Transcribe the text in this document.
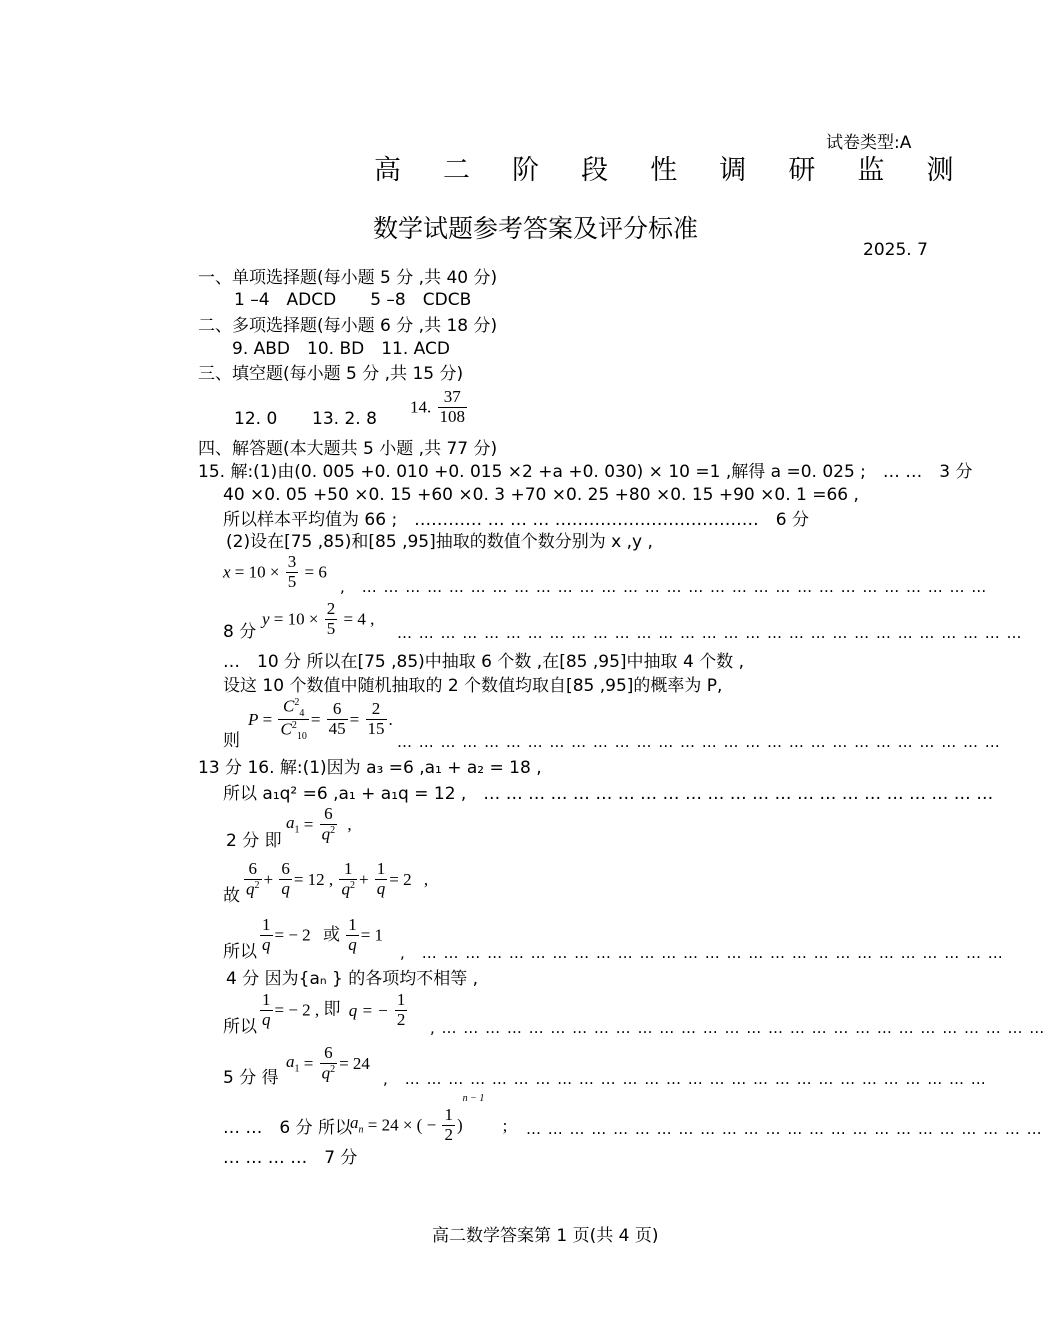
试卷类型:A
高 二 阶 段 性 调 研 监 测
数学试题参考答案及评分标准
2025. 7
一、单项选择题(每小题 5 分 ,共 40 分)
1 –4　ADCD　　5 –8　CDCB
二、多项选择题(每小题 6 分 ,共 18 分)
9. ABD　10. BD　11. ACD
三、填空题(每小题 5 分 ,共 15 分)
12. 0 13. 2. 8
14. $\frac{37}{108}$
四、解答题(本大题共 5 小题 ,共 77 分)
15. 解:(1)由(0. 005 +0. 010 +0. 015 ×2 +a +0. 030) × 10 =1 ,解得 a =0. 025 ;　… …　3 分
40 ×0. 05 +50 ×0. 15 +60 ×0. 3 +70 ×0. 25 +80 ×0. 15 +90 ×0. 1 =66 ,
所以样本平均值为 66 ;　………… … … … ………………………………　6 分
(2)设在[75 ,85)和[85 ,95]抽取的数值个数分别为 x ,y ,
$x = 10 \times \frac{3}{5} = 6$
,　… … … … … … … … … … … … … … … … … … … … … … … … … … … … …
8 分
$y = 10 \times \frac{2}{5} = 4$ ,
… … … … … … … … … … … … … … … … … … … … … … … … … … … … …
…　10 分 所以在[75 ,85)中抽取 6 个数 ,在[85 ,95]中抽取 4 个数 ,
设这 10 个数值中随机抽取的 2 个数值均取自[85 ,95]的概率为 P,
则
$P = \frac{C^2_4}{C^2_{10}} = \frac{6}{45} = \frac{2}{15}$ .
… … … … … … … … … … … … … … … … … … … … … … … … … … … …
13 分 16. 解:(1)因为 a₃ =6 ,a₁ + a₂ = 18 ,
所以 a₁q² =6 ,a₁ + a₁q = 12 ,　… … … … … … … … … … … … … … … … … … … … … … …
2 分 即
$a_1 = \frac{6}{q^2}$ ,
故 $\frac{6}{q^2} + \frac{6}{q} = 12$ , $\frac{1}{q^2} + \frac{1}{q} = 2$ ,
所以 $\frac{1}{q}$ = − 2 或 $\frac{1}{q} = 1$
,　… … … … … … … … … … … … … … … … … … … … … … … … … … …
4 分 因为{aₙ } 的各项均不相等 ,
所以 $\frac{1}{q}$ = − 2 , 即 q = − $\frac{1}{2}$ , … … … … … … … … … … … … … … … … … … … … … … … … … … … …
5 分 得
$a_1 = \frac{6}{q^2} = 24$
,　… … … … … … … … … … … … … … … … … … … … … … … … … … …
… …　6 分 所以
$a_n = 24$ × ( − $\frac{1}{2} )^{n - 1}$ ; … … … … … … … … … … … … … … … … … … … … … … … …
… … … …　7 分
高二数学答案第 1 页(共 4 页)
